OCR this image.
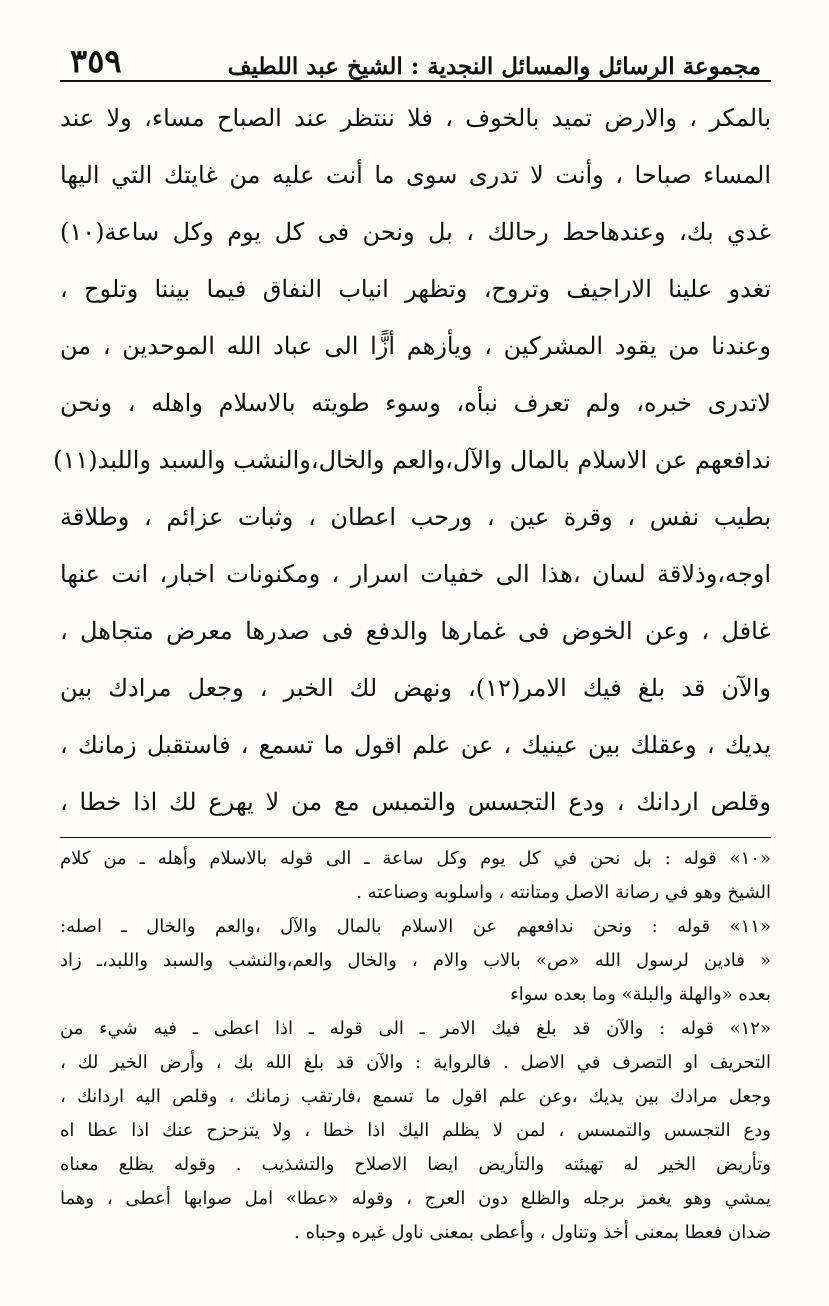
مجموعة الرسائل والمسائل النجدية : الشيخ عبد اللطيف
٣٥٩
بالمكر ، والارض تميد بالخوف ، فلا ننتظر عند الصباح مساء، ولا عند
المساء صباحا ، وأنت لا تدرى سوى ما أنت عليه من غايتك التي اليها
غدي بك، وعندهاحط رحالك ، بل ونحن فى كل يوم وكل ساعة(١٠)
تغدو علينا الاراجيف وتروح، وتظهر انياب النفاق فيما بيننا وتلوح ،
وعندنا من يقود المشركين ، ويأزهم أزًّا الى عباد الله الموحدين ، من
لاتدرى خبره، ولم تعرف نبأه، وسوء طويته بالاسلام واهله ، ونحن
ندافعهم عن الاسلام بالمال والآل،والعم والخال،والنشب والسبد واللبد(١١)
بطيب نفس ، وقرة عين ، ورحب اعطان ، وثبات عزائم ، وطلاقة
اوجه،وذلاقة لسان ،هذا الى خفيات اسرار ، ومكنونات اخبار، انت عنها
غافل ، وعن الخوض فى غمارها والدفع فى صدرها معرض متجاهل ،
والآن قد بلغ فيك الامر(١٢)، ونهض لك الخبر ، وجعل مرادك بين
يديك ، وعقلك بين عينيك ، عن علم اقول ما تسمع ، فاستقبل زمانك ،
وقلص اردانك ، ودع التجسس والتمبس مع من لا يهرع لك اذا خطا ،
«١٠» قوله : بل نحن في كل يوم وكل ساعة ـ الى قوله بالاسلام وأهله ـ من كلام
الشيخ وهو في رصانة الاصل ومتانته ، واسلوبه وصناعته .
«١١» قوله : ونحن ندافعهم عن الاسلام بالمال والآل ،والعم والخال ـ اصله:
« فادين لرسول الله «ص» بالاب والام ، والخال والعم،والنشب والسبد واللبد،ـ زاد
بعده «والهلة والبلة» وما بعده سواء
«١٢» قوله : والآن قد بلغ فيك الامر ـ الى قوله ـ اذا اعطى ـ فيه شيء من
التحريف او التصرف في الاصل . فالرواية : والآن قد بلغ الله بك ، وأرض الخير لك ،
وجعل مرادك بين يديك ،وعن علم اقول ما تسمع ،فارتقب زمانك ، وقلص اليه اردانك ،
ودع التجسس والتمسس ، لمن لا يظلم اليك اذا خطا ، ولا يتزحزح عنك اذا عطا اه
وتأريض الخير له تهيئته والتأريض ايضا الاصلاح والتشذيب . وقوله يظلع معناه
يمشي وهو يغمز برجله والظلع دون العرج ، وقوله «عطا» امل صوابها أعطى ، وهما
ضدان فعطا بمعنى أخذ وتناول ، وأعطى بمعنى ناول غيره وحباه .
